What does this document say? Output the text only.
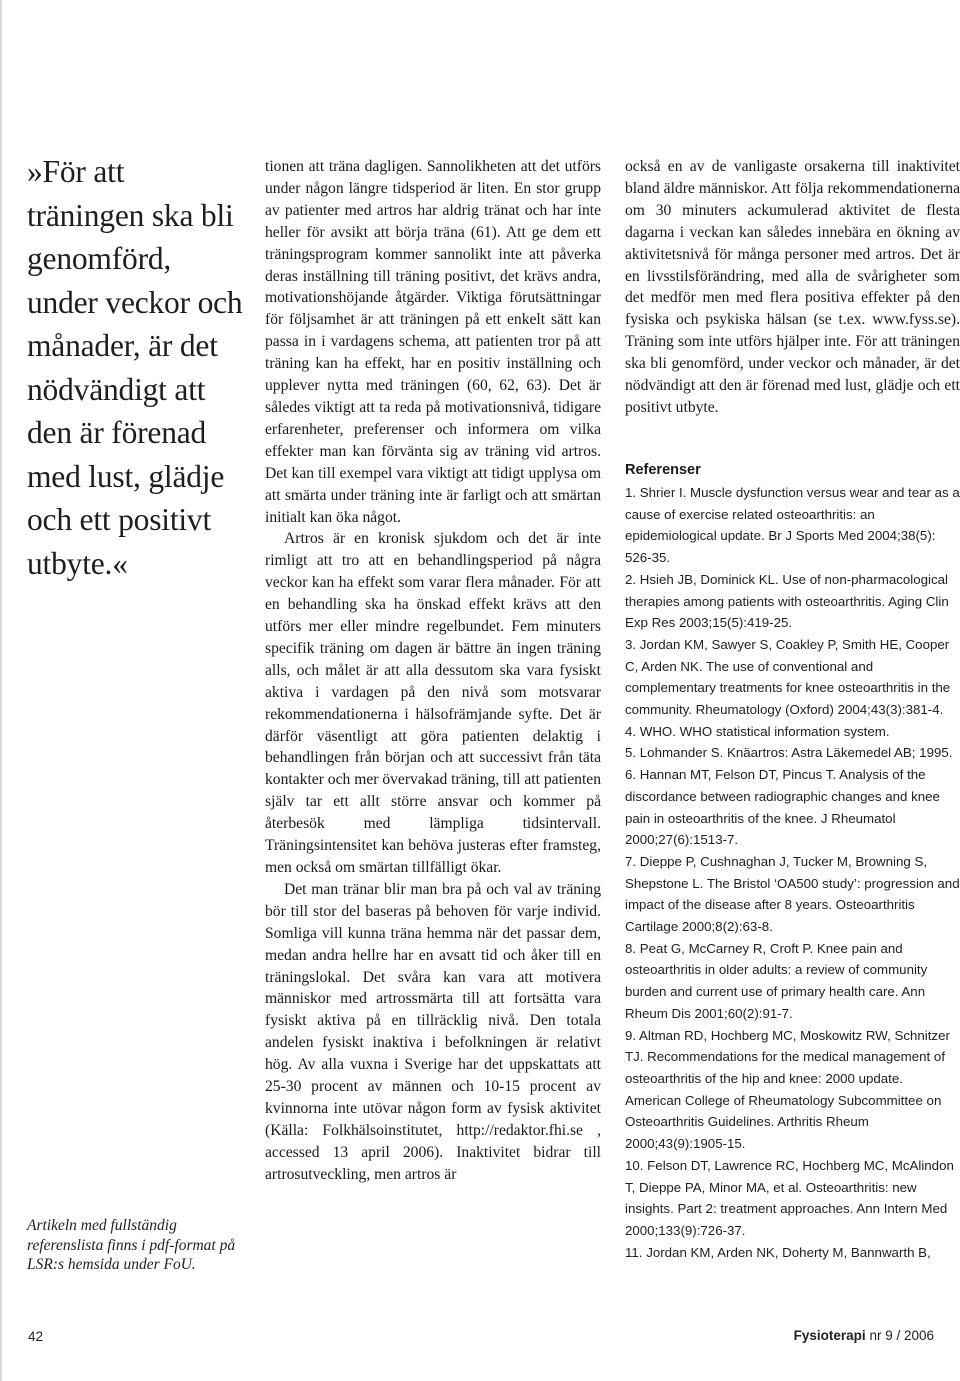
»För att träningen ska bli genomförd, under veckor och månader, är det nödvändigt att den är förenad med lust, glädje och ett positivt utbyte.«
Artikeln med fullständig referenslista finns i pdf-format på LSR:s hemsida under FoU.

tionen att träna dagligen. Sannolikheten att det utförs under någon längre tidsperiod är liten. En stor grupp av patienter med artros har aldrig tränat och har inte heller för avsikt att börja träna (61). Att ge dem ett träningsprogram kommer sannolikt inte att påverka deras inställning till träning positivt, det krävs andra, motivationshöjande åtgärder. Viktiga förutsättningar för följsamhet är att träningen på ett enkelt sätt kan passa in i vardagens schema, att patienten tror på att träning kan ha effekt, har en positiv inställning och upplever nytta med träningen (60, 62, 63). Det är således viktigt att ta reda på motivationsnivå, tidigare erfarenheter, preferenser och informera om vilka effekter man kan förvänta sig av träning vid artros. Det kan till exempel vara viktigt att tidigt upplysa om att smärta under träning inte är farligt och att smärtan initialt kan öka något.

Artros är en kronisk sjukdom och det är inte rimligt att tro att en behandlingsperiod på några veckor kan ha effekt som varar flera månader. För att en behandling ska ha önskad effekt krävs att den utförs mer eller mindre regelbundet. Fem minuters specifik träning om dagen är bättre än ingen träning alls, och målet är att alla dessutom ska vara fysiskt aktiva i vardagen på den nivå som motsvarar rekommendationerna i hälsofrämjande syfte. Det är därför väsentligt att göra patienten delaktig i behandlingen från början och att successivt från täta kontakter och mer övervakad träning, till att patienten själv tar ett allt större ansvar och kommer på återbesök med lämpliga tidsintervall. Träningsintensitet kan behöva justeras efter framsteg, men också om smärtan tillfälligt ökar.

Det man tränar blir man bra på och val av träning bör till stor del baseras på behoven för varje individ. Somliga vill kunna träna hemma när det passar dem, medan andra hellre har en avsatt tid och åker till en träningslokal. Det svåra kan vara att motivera människor med artrossmärta till att fortsätta vara fysiskt aktiva på en tillräcklig nivå. Den totala andelen fysiskt inaktiva i befolkningen är relativt hög. Av alla vuxna i Sverige har det uppskattats att 25-30 procent av männen och 10-15 procent av kvinnorna inte utövar någon form av fysisk aktivitet (Källa: Folkhälsoinstitutet, http://redaktor.fhi.se , accessed 13 april 2006). Inaktivitet bidrar till artrosutveckling, men artros är

också en av de vanligaste orsakerna till inaktivitet bland äldre människor. Att följa rekommendationerna om 30 minuters ackumulerad aktivitet de flesta dagarna i veckan kan således innebära en ökning av aktivitetsnivå för många personer med artros. Det är en livsstilsförändring, med alla de svårigheter som det medför men med flera positiva effekter på den fysiska och psykiska hälsan (se t.ex. www.fyss.se). Träning som inte utförs hjälper inte. För att träningen ska bli genomförd, under veckor och månader, är det nödvändigt att den är förenad med lust, glädje och ett positivt utbyte.

Referenser
1. Shrier I. Muscle dysfunction versus wear and tear as a cause of exercise related osteoarthritis: an epidemiological update. Br J Sports Med 2004;38(5): 526-35.
2. Hsieh JB, Dominick KL. Use of non-pharmacological therapies among patients with osteoarthritis. Aging Clin Exp Res 2003;15(5):419-25.
3. Jordan KM, Sawyer S, Coakley P, Smith HE, Cooper C, Arden NK. The use of conventional and complementary treatments for knee osteoarthritis in the community. Rheumatology (Oxford) 2004;43(3):381-4.
4. WHO. WHO statistical information system.
5. Lohmander S. Knäartros: Astra Läkemedel AB; 1995.
6. Hannan MT, Felson DT, Pincus T. Analysis of the discordance between radiographic changes and knee pain in osteoarthritis of the knee. J Rheumatol 2000;27(6):1513-7.
7. Dieppe P, Cushnaghan J, Tucker M, Browning S, Shepstone L. The Bristol ‘OA500 study’: progression and impact of the disease after 8 years. Osteoarthritis Cartilage 2000;8(2):63-8.
8. Peat G, McCarney R, Croft P. Knee pain and osteoarthritis in older adults: a review of community burden and current use of primary health care. Ann Rheum Dis 2001;60(2):91-7.
9. Altman RD, Hochberg MC, Moskowitz RW, Schnitzer TJ. Recommendations for the medical management of osteoarthritis of the hip and knee: 2000 update. American College of Rheumatology Subcommittee on Osteoarthritis Guidelines. Arthritis Rheum 2000;43(9):1905-15.
10. Felson DT, Lawrence RC, Hochberg MC, McAlindon T, Dieppe PA, Minor MA, et al. Osteoarthritis: new insights. Part 2: treatment approaches. Ann Intern Med 2000;133(9):726-37.
11. Jordan KM, Arden NK, Doherty M, Bannwarth B,
42	Fysioterapi nr 9 / 2006
